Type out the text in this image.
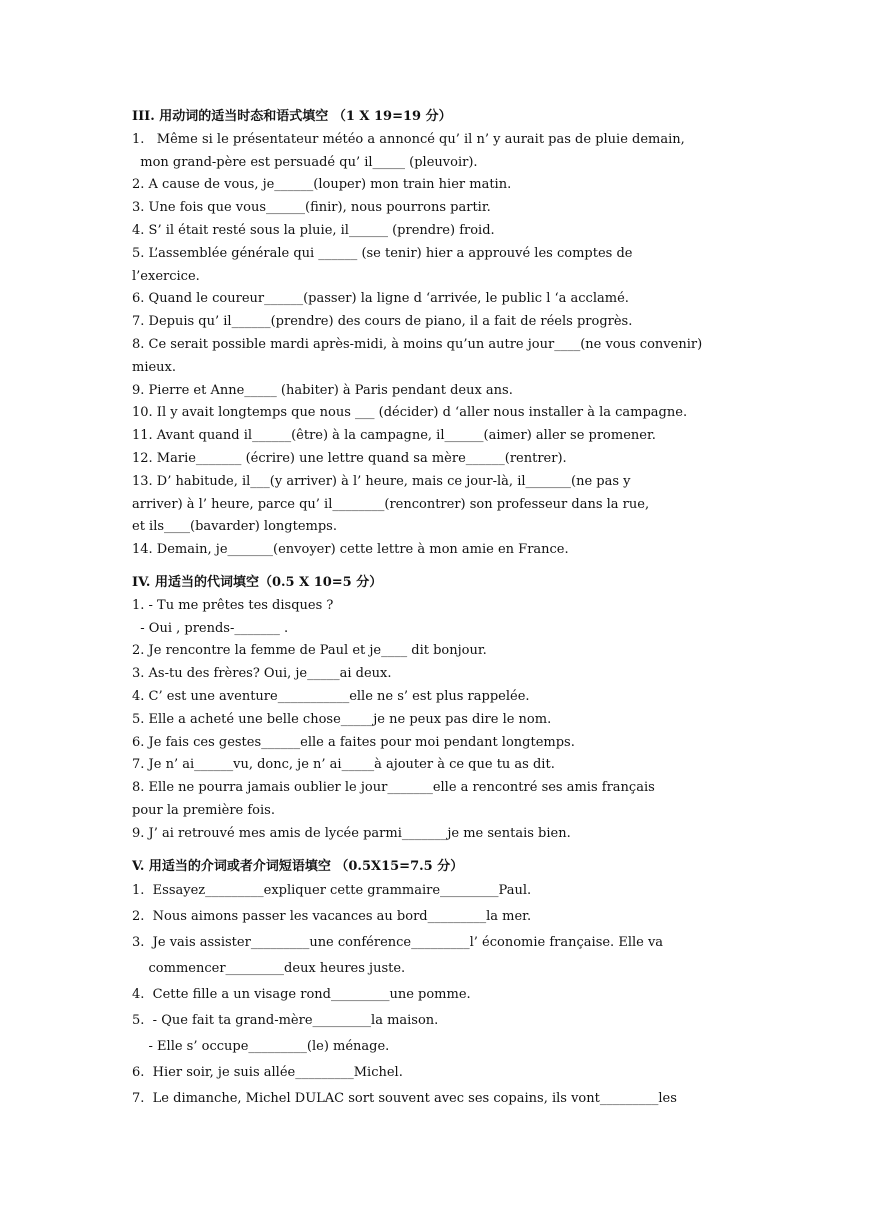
III. 用动词的适当时态和语式填空 （1 X 19=19 分）
1.   Même si le présentateur météo a annoncé qu’ il n’ y aurait pas de pluie demain,
mon grand-père est persuadé qu’ il_____ (pleuvoir).
2. A cause de vous, je______(louper) mon train hier matin.
3. Une fois que vous______(finir), nous pourrons partir.
4. S’ il était resté sous la pluie, il______ (prendre) froid.
5. L’assemblée générale qui ______ (se tenir) hier a approuvé les comptes de
l’exercice.
6. Quand le coureur______(passer) la ligne d ‘arrivée, le public l ‘a acclamé.
7. Depuis qu’ il______(prendre) des cours de piano, il a fait de réels progrès.
8. Ce serait possible mardi après-midi, à moins qu’un autre jour____(ne vous convenir)
mieux.
9. Pierre et Anne_____ (habiter) à Paris pendant deux ans.
10. Il y avait longtemps que nous ___ (décider) d ‘aller nous installer à la campagne.
11. Avant quand il______(être) à la campagne, il______(aimer) aller se promener.
12. Marie_______ (écrire) une lettre quand sa mère______(rentrer).
13. D’ habitude, il___(y arriver) à l’ heure, mais ce jour-là, il_______(ne pas y
arriver) à l’ heure, parce qu’ il________(rencontrer) son professeur dans la rue,
et ils____(bavarder) longtemps.
14. Demain, je_______(envoyer) cette lettre à mon amie en France.
IV. 用适当的代词填空（0.5 X 10=5 分）
1. - Tu me prêtes tes disques ?
- Oui , prends-_______ .
2. Je rencontre la femme de Paul et je____ dit bonjour.
3. As-tu des frères? Oui, je_____ai deux.
4. C’ est une aventure___________elle ne s’ est plus rappelée.
5. Elle a acheté une belle chose_____je ne peux pas dire le nom.
6. Je fais ces gestes______elle a faites pour moi pendant longtemps.
7. Je n’ ai______vu, donc, je n’ ai_____à ajouter à ce que tu as dit.
8. Elle ne pourra jamais oublier le jour_______elle a rencontré ses amis français
pour la première fois.
9. J’ ai retrouvé mes amis de lycée parmi_______je me sentais bien.
V. 用适当的介词或者介词短语填空 （0.5X15=7.5 分）
1.  Essayez_________expliquer cette grammaire_________Paul.
2.  Nous aimons passer les vacances au bord_________la mer.
3.  Je vais assister_________une conférence_________l’ économie française. Elle va
commencer_________deux heures juste.
4.  Cette fille a un visage rond_________une pomme.
5.  - Que fait ta grand-mère_________la maison.
- Elle s’ occupe_________(le) ménage.
6.  Hier soir, je suis allée_________Michel.
7.  Le dimanche, Michel DULAC sort souvent avec ses copains, ils vont_________les
